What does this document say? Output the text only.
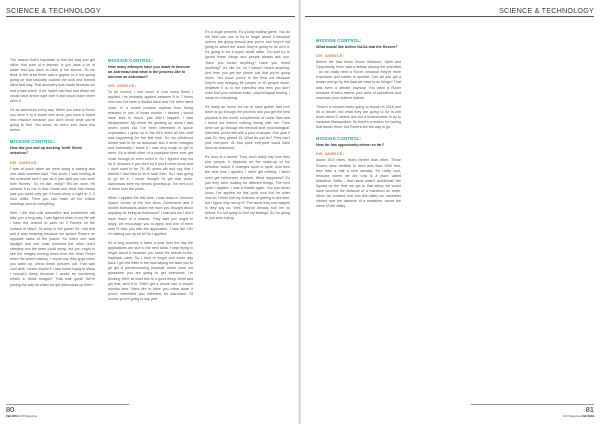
SCIENCE & TECHNOLOGY

The reason that's important is that the way you get silica, that pure of a deposit, is you have a lot of water and you have to have a hot source. So we think in the area there was a geyser or a hot spring going on that basically cooked the rock and formed silica that way. That discovery was made because we had a bad wheel. If we hadn't had that bad wheel we would have driven right over it and would have never seen it.

It's an adventure every day. When you have a Rover you drive it to a brand new area, you have a brand new mission because you don't know what you're going to find. You know, no one's ever done this before.

MISSION CONTROL:
How did you end up working 'both' Rover missions?
DR. AMRICE:

I was at lunch when we were doing a training and one older scientist said, "You know, I was looking at the schedule and if you do it just right you can work both Rovers." So I'm like, really? Tell me more. He showed it to me in flow charts and what that meant was you could only get 4 hours sleep a night in 2, 3 hour shifts. Then you can make all the critical meetings and do everything.

Well, I did that until adrenaline and excitement will take you a long way. I just figured when in my life will I have the chance to work on 2 Rovers on the surface of Mars? I'd sleep in the grave! So I did that and it was amazing because we landed Rovers on opposite sides of the planet. So when one was daylight and one solar powered the other one's sleeping and the team could sleep, but you ought to see the images coming down from the other Rover when the team's asleep. I would say they guys when you wake up, check these pictures out. That was cool stuff. I knew myself if I was home trying to sleep I wouldn't sleep because I would be wondering what's in those images? That was great! We're paving the way for when we get Astronauts up there.

MISSION CONTROL:
How many attempts have you made to become an Astronaut and what is the process like to become an Astronaut?
DR. AMRICE:

To be honest, I lost count of how many times I applied. I've probably applied between 5 to 7 times now and I've been a finalist twice and I've been rated close. In a sense process anyhow from being selected in one of those rounds. I wished I would have kept in touch, just didn't happen, I was disappointed. My whole life growing up, since I was seven years old, I've been interested in space exploration. I grew up in the 60's when all this stuff was happening for the first time. So my childhood dream was to be an astronaut and it never changed and eventually I knew if I was very tough to get in there. It's a small sliver of a populace there ever get close enough to even smell it. So I figured why not try it, because if you don't try it you'll never know and I don't want to be 70, 80 years old and say that I wished I had tried to do it back then. So I was going to go for it. I never thought I'd get that close. Astronauts were my heroes growing up. I've met a lot of them over the years.

When I applied the first time, I was down in Johnson Space Center at the Von Ness Conference and 2 shuttle Astronauts asked me have you thought about applying for being an Astronaut? I said yes but I don't have much of a chance. They said you ought to apply, we encourage you to apply and one of them said I'll help you with the application. I was like OK! I'm talking you up on it!! So I applied.

It's a long process, it takes a year from the day the applications are due to the next class. I kept trying to forget about it because you know it's needle-in-the-haystack odds. So I kind of forgot and some day back I got this letter in the mail saying we want you to go get a preinterviewing physical, which does not guarantee you are going to get interviews. I'm thinking Well, at least this is a good thing! Went and got that, sent it in. Didn't get a phone call. A couple months later, Went like to have you come down if you're interested and interview for Astronaut. Of course you're going to say yes!

It's a tough process, it's a long waiting game. You do the best you can to try to forget about it because rumors are going around and you're told they're not going to select the class, they're going to do next it. It's going to be a super small class. You just try to ignore these things and people always ask you, 'Have you heard anything? Have you heard anything?' It's like no, no I haven't heard anything. And then you get the phone call that you're going down. You know you're in the final cut because they're only bringing 80 people or 50 people down, whatever it is, to the interview and then you don't even find your medical exam, psychological testing, I mean it's everything.

It's really an honor for me to have gotten that love twice to go through the process and you get the best physical in the world. compliments of Uncle Sam and I found out there's nothing wrong with me. Then when we go through the medical stuff, psychological, interview, you're left with a pool of people. One year it was 20, they picked 15. What do you do? They can't pick everyone. At that point everyone could have been an Astronaut.

It's kind of a secret. They don't really say how they pick people. It depends on the make-up of the selection board. It changes cycle to cycle. And then the next time I applied, I didn't get nothing. I didn't even get references checked. What happened? It's just they were looking for different things. The next cycle I applied, I was a finalist again. You just never know. I've applied for this cycle now but I'm older now so I think that my chances of getting in are less, but I figure why not try it? The worst they can happen is they say no. Well, they've already told me no before. It's not going to hurt my feelings. So I'm going to just keep trying!

80
Fall 2019 1MI Magazine
SCIENCE & TECHNOLOGY
MISSION CONTROL:
What would like before NASA had the Rovers?
DR. AMRICE:

Before we had these Rover Missions, Spirit and Opportunity, there was a debate among the scientists - do we really need a Rover, because they're more expensive and harder to operate. Can we just get a lander and go by the data we have to do things? That was even a debate anyhow! You want a Rover because Rovers extend your area of operations and maximize your science dollars.

There's a mission that's going to launch in 2018 and it's a lander, but what they are going to do is drill down about 3 meters and put a seismometer to try to measure Marsquakes. So there's a reason for having that lander there, but Rovers are the way to go.

MISSION CONTROL:
How far has opportunity driven so far?
DR. AMRICE:

About 26.9 miles, that's farther than other. Those Rovers were certified to drive less than 1000 feet, less than a half a mile actually. It's really cool, because where we are now is a place called Marathon Valley - that name wasn't accidental! We figured by the time we get to that valley we would have covered the distance of a marathon on earth. When we crossed over into this valley our odometer clicked over the distance of a marathon, hence the name of the valley.

81
1MI Magazine Fall 2019
